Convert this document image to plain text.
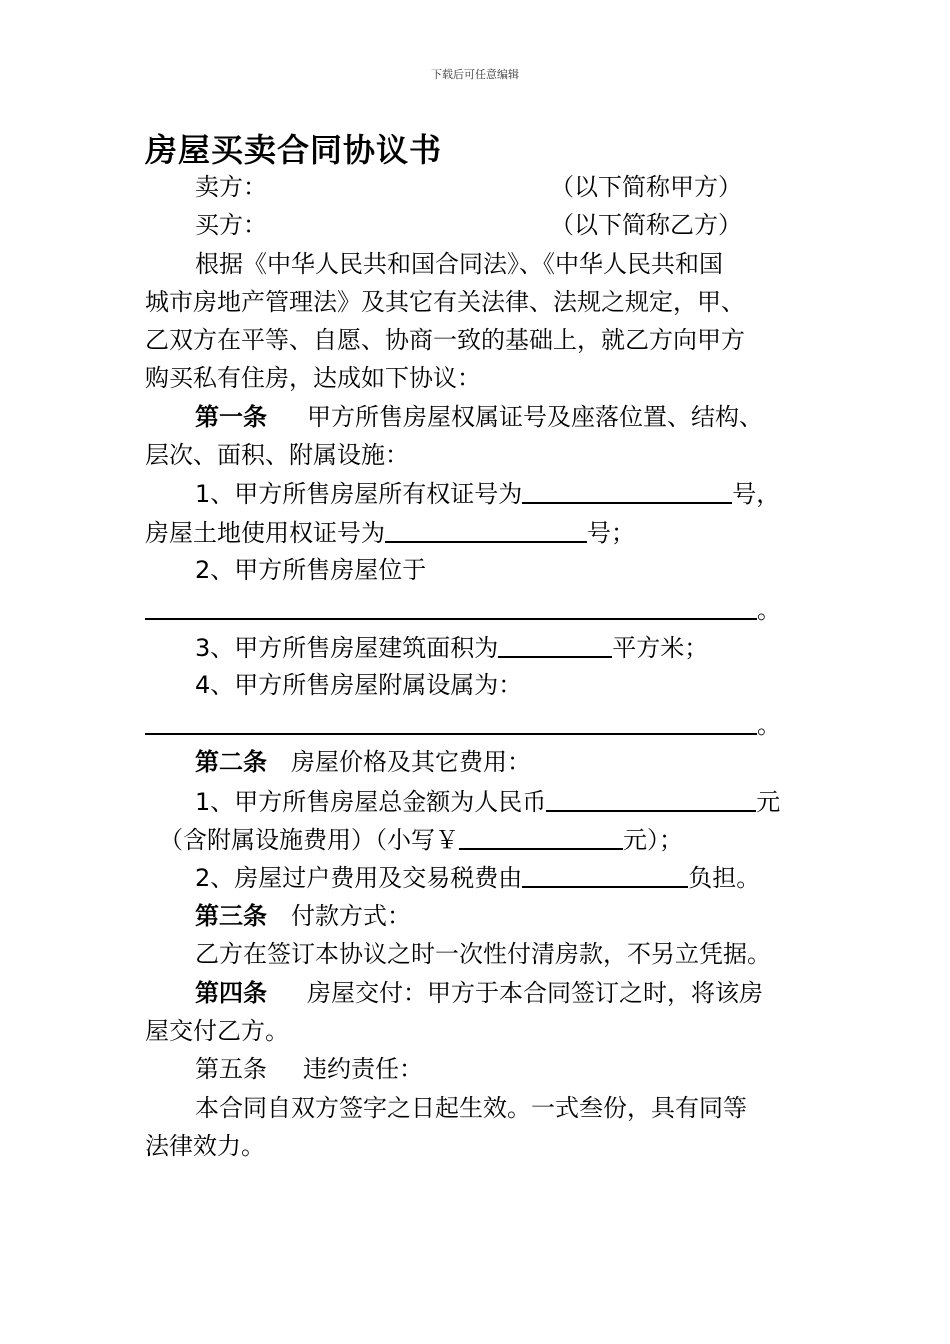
下载后可任意编辑
房屋买卖合同协议书
卖方：	（以下简称甲方）
买方：	（以下简称乙方）
根据《中华人民共和国合同法》、《中华人民共和国
城市房地产管理法》及其它有关法律、法规之规定，甲、
乙双方在平等、自愿、协商一致的基础上，就乙方向甲方
购买私有住房，达成如下协议：
第一条 甲方所售房屋权属证号及座落位置、结构、
层次、面积、附属设施：
1、甲方所售房屋所有权证号为	号，
房屋土地使用权证号为	号；
2、甲方所售房屋位于
。
3、甲方所售房屋建筑面积为	平方米；
4、甲方所售房屋附属设属为：
。
第二条 房屋价格及其它费用：
1、甲方所售房屋总金额为人民币	元
（含附属设施费用）（小写￥	元）；
2、房屋过户费用及交易税费由	负担。
第三条 付款方式：
乙方在签订本协议之时一次性付清房款，不另立凭据。
第四条 房屋交付：甲方于本合同签订之时，将该房
屋交付乙方。
第五条 违约责任：
本合同自双方签字之日起生效。一式叁份，具有同等
法律效力。
